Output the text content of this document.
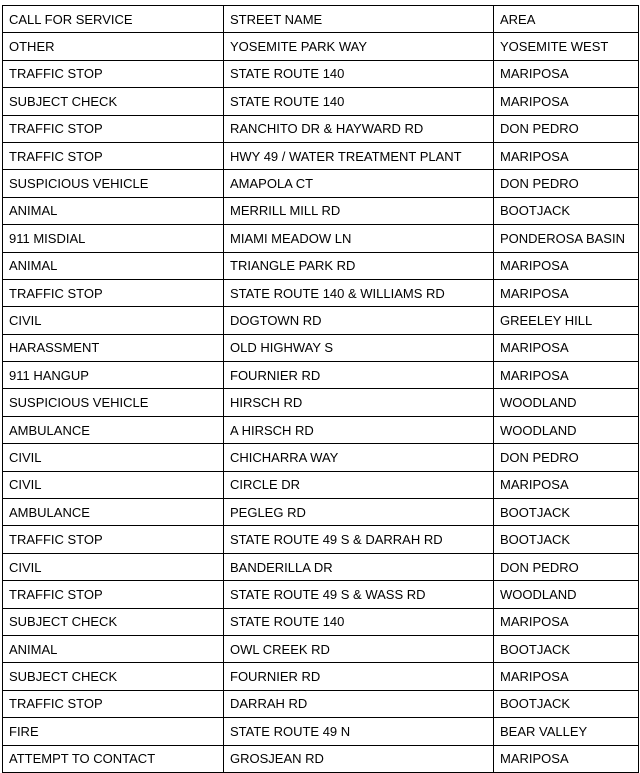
CALL FOR SERVICE	STREET NAME	AREA
OTHER	YOSEMITE PARK WAY	YOSEMITE WEST
TRAFFIC STOP	STATE ROUTE 140	MARIPOSA
SUBJECT CHECK	STATE ROUTE 140	MARIPOSA
TRAFFIC STOP	RANCHITO DR & HAYWARD RD	DON PEDRO
TRAFFIC STOP	HWY 49 / WATER TREATMENT PLANT	MARIPOSA
SUSPICIOUS VEHICLE	AMAPOLA CT	DON PEDRO
ANIMAL	MERRILL MILL RD	BOOTJACK
911 MISDIAL	MIAMI MEADOW LN	PONDEROSA BASIN
ANIMAL	TRIANGLE PARK RD	MARIPOSA
TRAFFIC STOP	STATE ROUTE 140 & WILLIAMS RD	MARIPOSA
CIVIL	DOGTOWN RD	GREELEY HILL
HARASSMENT	OLD HIGHWAY S	MARIPOSA
911 HANGUP	FOURNIER RD	MARIPOSA
SUSPICIOUS VEHICLE	HIRSCH RD	WOODLAND
AMBULANCE	A HIRSCH RD	WOODLAND
CIVIL	CHICHARRA WAY	DON PEDRO
CIVIL	CIRCLE DR	MARIPOSA
AMBULANCE	PEGLEG RD	BOOTJACK
TRAFFIC STOP	STATE ROUTE 49 S & DARRAH RD	BOOTJACK
CIVIL	BANDERILLA DR	DON PEDRO
TRAFFIC STOP	STATE ROUTE 49 S & WASS RD	WOODLAND
SUBJECT CHECK	STATE ROUTE 140	MARIPOSA
ANIMAL	OWL CREEK RD	BOOTJACK
SUBJECT CHECK	FOURNIER RD	MARIPOSA
TRAFFIC STOP	DARRAH RD	BOOTJACK
FIRE	STATE ROUTE 49 N	BEAR VALLEY
ATTEMPT TO CONTACT	GROSJEAN RD	MARIPOSA
